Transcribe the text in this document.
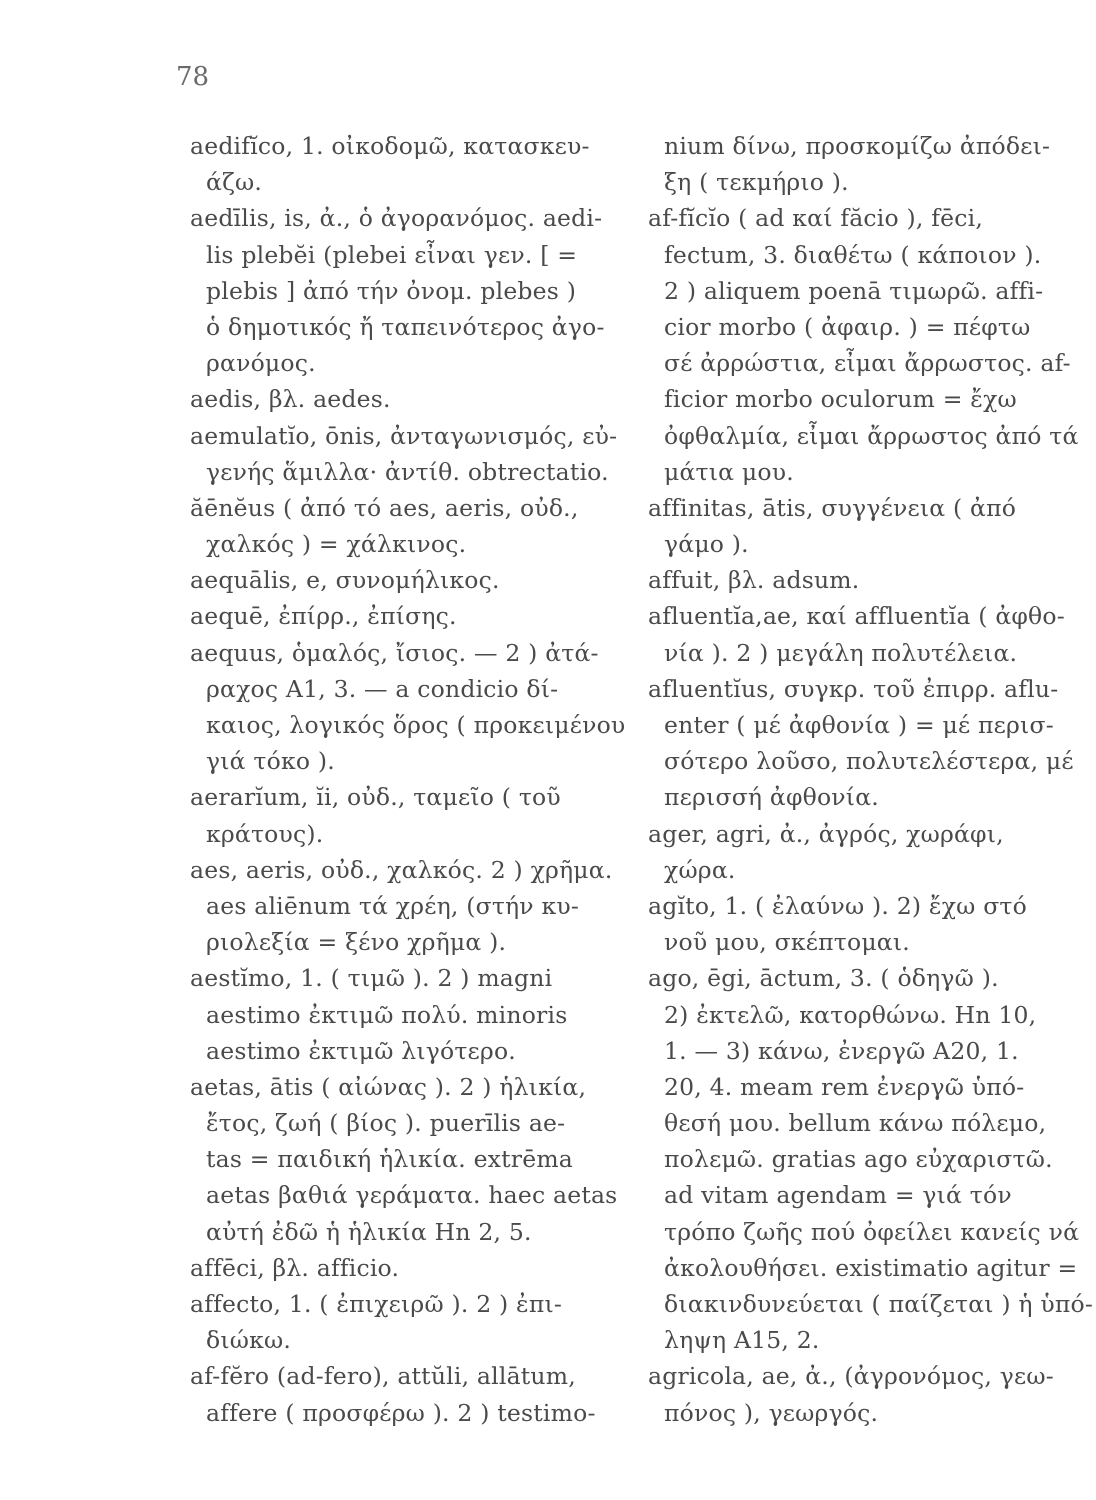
78
aedifĭco, 1. οἰκοδομῶ, κατασκευ-
άζω.
aedīlis, is, ἀ., ὁ ἀγορανόμος. aedi-
lis plebĕi (plebei εἶναι γεν. [ =
plebis ] ἀπό τήν ὀνομ. plebes )
ὁ δημοτικός ἤ ταπεινότερος ἀγο-
ρανόμος.
aedis, βλ. aedes.
aemulatĭo, ōnis, ἀνταγωνισμός, εὐ-
γενής ἅμιλλα· ἀντίθ. obtrectatio.
ăēnĕus ( ἀπό τό aes, aeris, οὐδ.,
χαλκός ) = χάλκινος.
aequālis, e, συνομήλικος.
aequē, ἐπίρρ., ἐπίσης.
aequus, ὁμαλός, ἴσιος. — 2 ) ἀτά-
ραχος A1, 3. — a condicio δί-
καιος, λογικός ὅρος ( προκειμένου
γιά τόκο ).
aerarĭum, ĭi, οὐδ., ταμεῖο ( τοῦ
κράτους).
aes, aeris, οὐδ., χαλκός. 2 ) χρῆμα.
aes aliēnum τά χρέη, (στήν κυ-
ριολεξία = ξένο χρῆμα ).
aestĭmo, 1. ( τιμῶ ). 2 ) magni
aestimo ἐκτιμῶ πολύ. minoris
aestimo ἐκτιμῶ λιγότερο.
aetas, ātis ( αἰώνας ). 2 ) ἡλικία,
ἔτος, ζωή ( βίος ). puerīlis ae-
tas = παιδική ἡλικία. extrēma
aetas βαθιά γεράματα. haec aetas
αὐτή ἐδῶ ἡ ἡλικία Hn 2, 5.
affēci, βλ. afficio.
affecto, 1. ( ἐπιχειρῶ ). 2 ) ἐπι-
διώκω.
af-fĕro (ad-fero), attŭli, allātum,
affere ( προσφέρω ). 2 ) testimo-
nium δίνω, προσκομίζω ἀπόδει-
ξη ( τεκμήριο ).
af-fĭcĭo ( ad καί făcio ), fēci,
fectum, 3. διαθέτω ( κάποιον ).
2 ) aliquem poenā τιμωρῶ. affi-
cior morbo ( ἀφαιρ. ) = πέφτω
σέ ἀρρώστια, εἶμαι ἄρρωστος. af-
ficior morbo oculorum = ἔχω
ὀφθαλμία, εἶμαι ἄρρωστος ἀπό τά
μάτια μου.
affinitas, ātis, συγγένεια ( ἀπό
γάμο ).
affuit, βλ. adsum.
afluentĭa,ae, καί affluentĭa ( ἀφθο-
νία ). 2 ) μεγάλη πολυτέλεια.
afluentĭus, συγκρ. τοῦ ἐπιρρ. aflu-
enter ( μέ ἀφθονία ) = μέ περισ-
σότερο λοῦσο, πολυτελέστερα, μέ
περισσή ἀφθονία.
ager, agri, ἀ., ἀγρός, χωράφι,
χώρα.
agĭto, 1. ( ἐλαύνω ). 2) ἔχω στό
νοῦ μου, σκέπτομαι.
ago, ēgi, āctum, 3. ( ὁδηγῶ ).
2) ἐκτελῶ, κατορθώνω. Hn 10,
1. — 3) κάνω, ἐνεργῶ A20, 1.
20, 4. meam rem ἐνεργῶ ὑπό-
θεσή μου. bellum κάνω πόλεμο,
πολεμῶ. gratias ago εὐχαριστῶ.
ad vitam agendam = γιά τόν
τρόπο ζωῆς πού ὀφείλει κανείς νά
ἀκολουθήσει. existimatio agitur =
διακινδυνεύεται ( παίζεται ) ἡ ὑπό-
ληψη A15, 2.
agricola, ae, ἀ., (ἀγρονόμος, γεω-
πόνος ), γεωργός.
